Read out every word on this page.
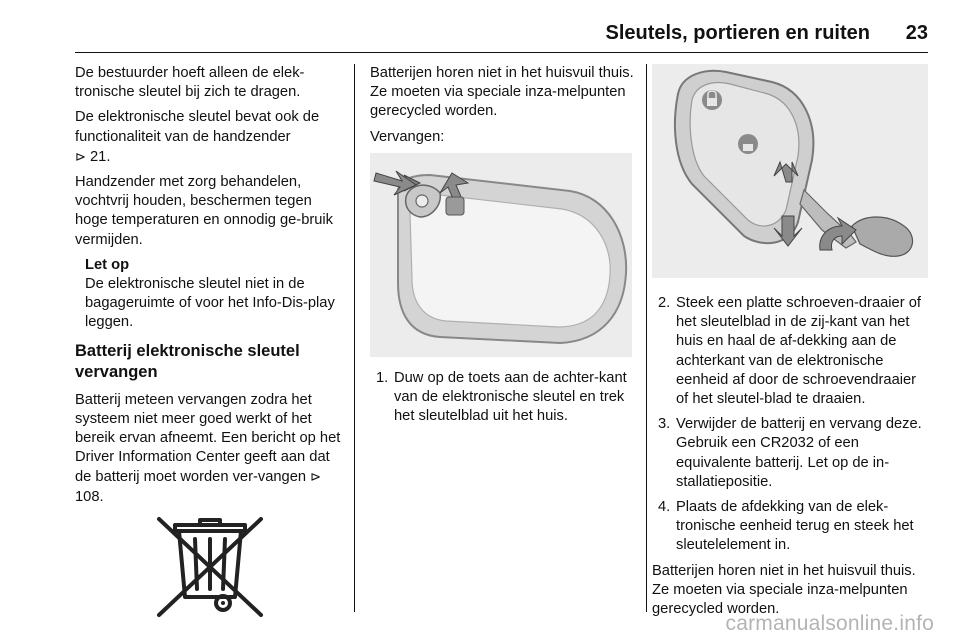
Sleutels, portieren en ruiten 23

De bestuurder hoeft alleen de elek-tronische sleutel bij zich te dragen.

De elektronische sleutel bevat ook de functionaliteit van de handzender
⊳ 21.

Handzender met zorg behandelen, vochtvrij houden, beschermen tegen hoge temperaturen en onnodig ge-bruik vermijden.

Let op
De elektronische sleutel niet in de bagageruimte of voor het Info-Dis-play leggen.
Batterij elektronische sleutel vervangen

Batterij meteen vervangen zodra het systeem niet meer goed werkt of het bereik ervan afneemt. Een bericht op het Driver Information Center geeft aan dat de batterij moet worden ver-vangen ⊳ 108.

Batterijen horen niet in het huisvuil thuis. Ze moeten via speciale inza-melpunten gerecycled worden.

Vervangen:

1. Duw op de toets aan de achter-kant van de elektronische sleutel en trek het sleutelblad uit het huis.
2. Steek een platte schroeven-draaier of het sleutelblad in de zij-kant van het huis en haal de af-dekking aan de achterkant van de elektronische eenheid af door de schroevendraaier of het sleutel-blad te draaien.
3. Verwijder de batterij en vervang deze. Gebruik een CR2032 of een equivalente batterij. Let op de in-stallatiepositie.
4. Plaats de afdekking van de elek-tronische eenheid terug en steek het sleutelelement in.

Batterijen horen niet in het huisvuil thuis. Ze moeten via speciale inza-melpunten gerecycled worden.

carmanualsonline.info
